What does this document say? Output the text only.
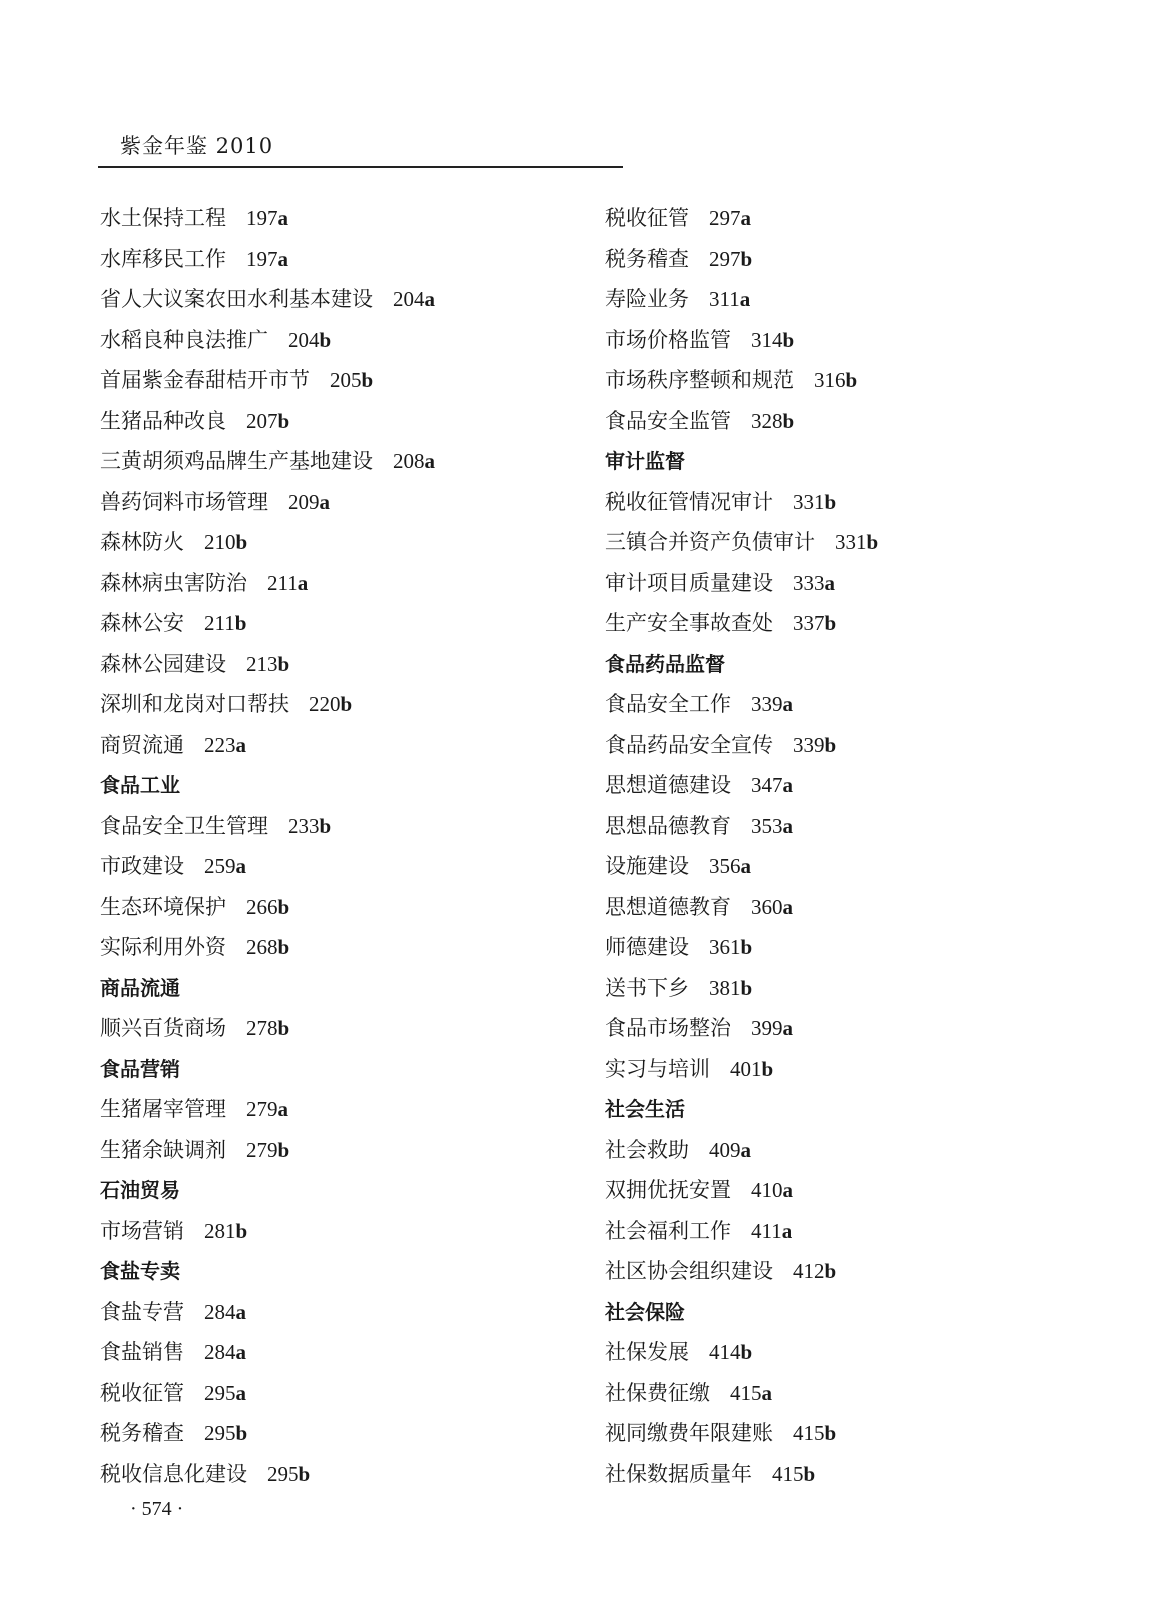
紫金年鉴 2010
水土保持工程 197a
水库移民工作 197a
省人大议案农田水利基本建设 204a
水稻良种良法推广 204b
首届紫金春甜桔开市节 205b
生猪品种改良 207b
三黄胡须鸡品牌生产基地建设 208a
兽药饲料市场管理 209a
森林防火 210b
森林病虫害防治 211a
森林公安 211b
森林公园建设 213b
深圳和龙岗对口帮扶 220b
商贸流通 223a
食品工业
食品安全卫生管理 233b
市政建设 259a
生态环境保护 266b
实际利用外资 268b
商品流通
顺兴百货商场 278b
食品营销
生猪屠宰管理 279a
生猪余缺调剂 279b
石油贸易
市场营销 281b
食盐专卖
食盐专营 284a
食盐销售 284a
税收征管 295a
税务稽查 295b
税收信息化建设 295b
税收征管 297a
税务稽查 297b
寿险业务 311a
市场价格监管 314b
市场秩序整顿和规范 316b
食品安全监管 328b
审计监督
税收征管情况审计 331b
三镇合并资产负债审计 331b
审计项目质量建设 333a
生产安全事故查处 337b
食品药品监督
食品安全工作 339a
食品药品安全宣传 339b
思想道德建设 347a
思想品德教育 353a
设施建设 356a
思想道德教育 360a
师德建设 361b
送书下乡 381b
食品市场整治 399a
实习与培训 401b
社会生活
社会救助 409a
双拥优抚安置 410a
社会福利工作 411a
社区协会组织建设 412b
社会保险
社保发展 414b
社保费征缴 415a
视同缴费年限建账 415b
社保数据质量年 415b
· 574 ·
